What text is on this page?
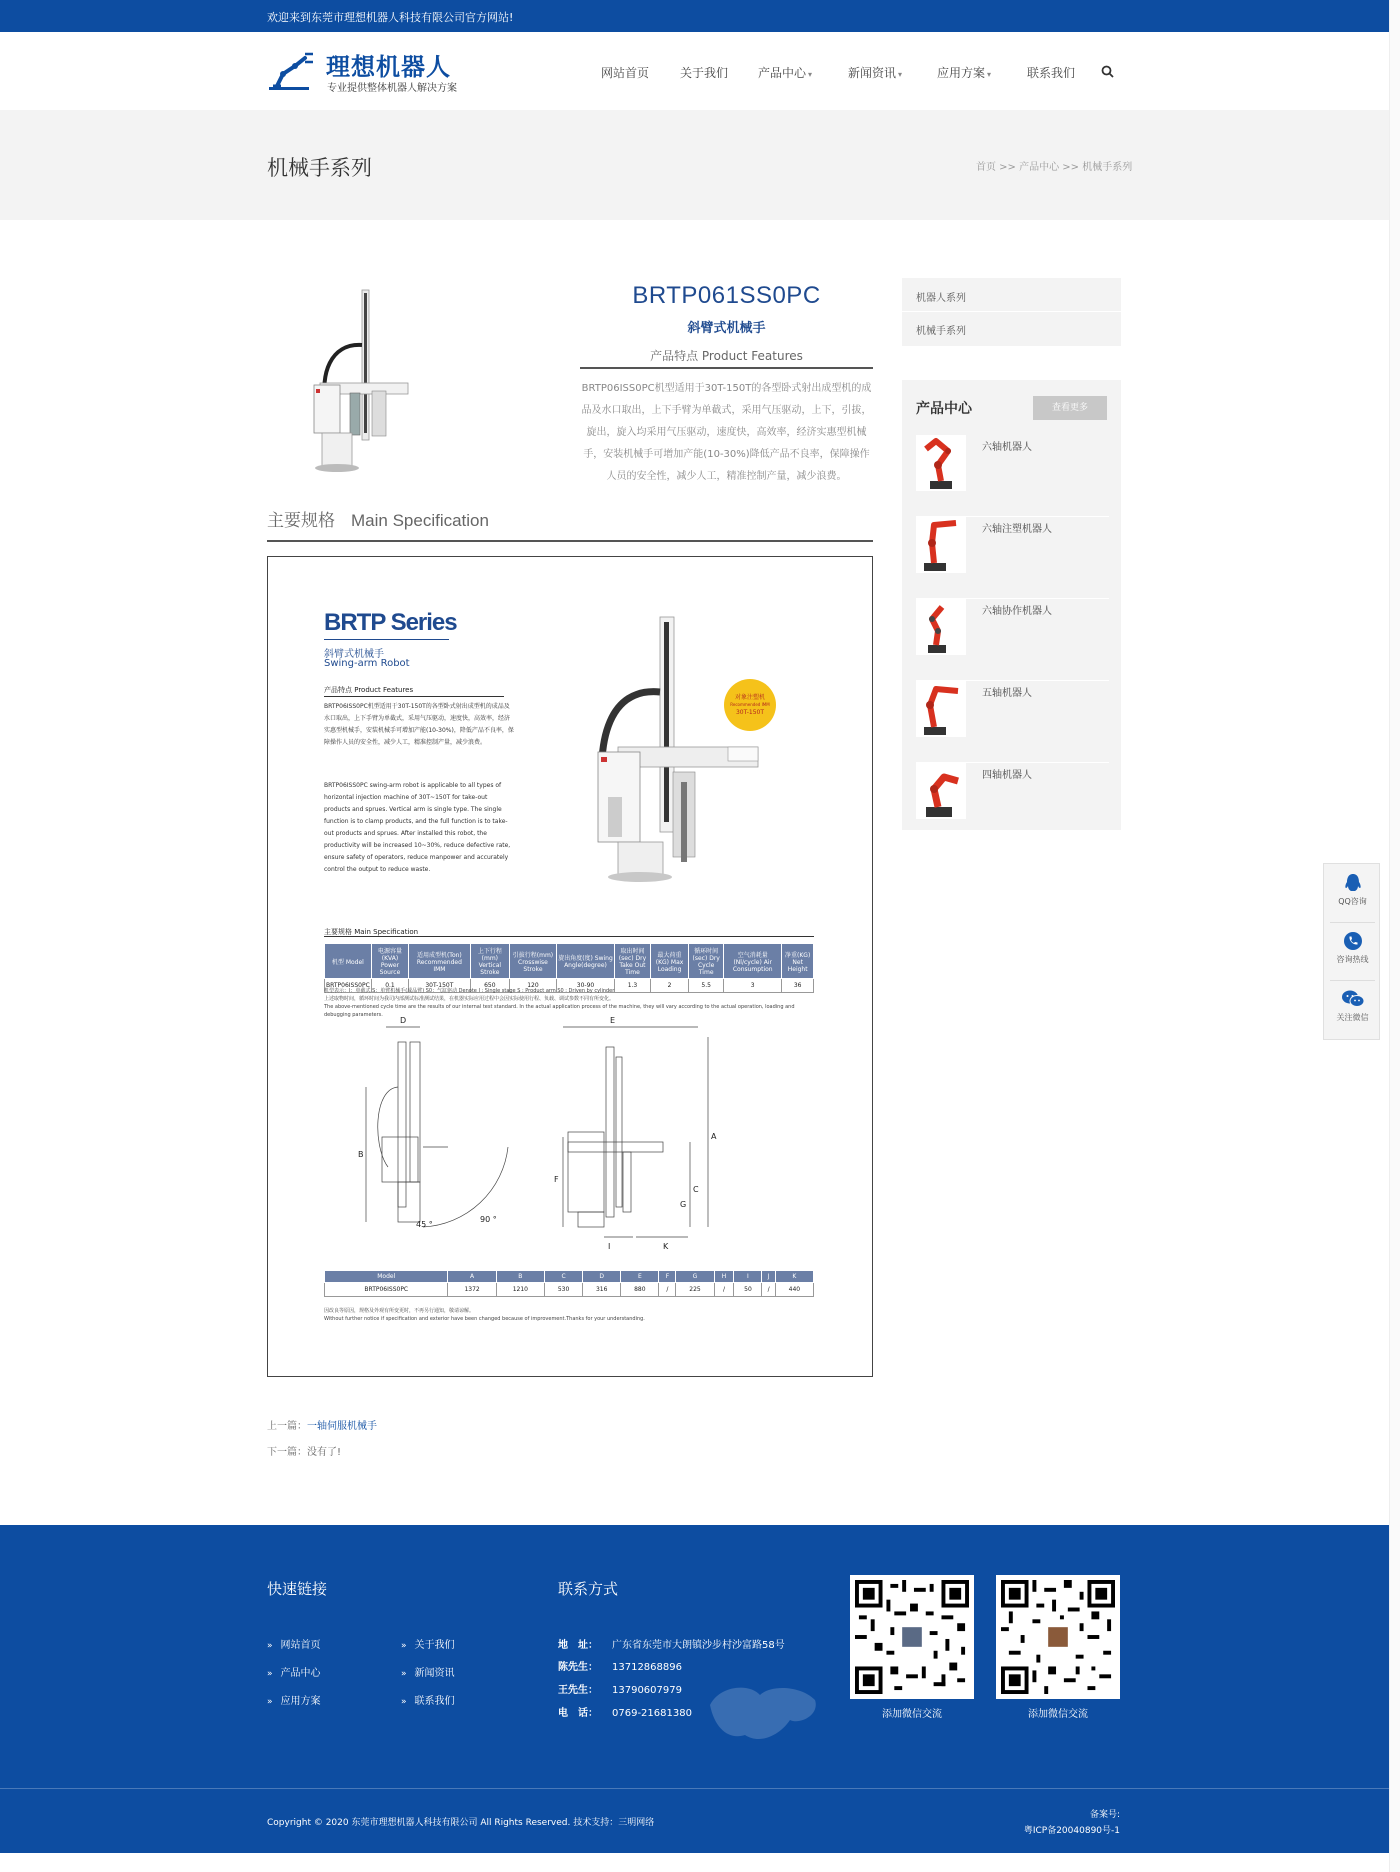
欢迎来到东莞市理想机器人科技有限公司官方网站!
理想机器人
专业提供整体机器人解决方案
网站首页	关于我们 产品中心 ▾	新闻资讯 ▾	应用方案 ▾	联系我们
机械手系列	首页 >> 产品中心 >> 机械手系列
BRTP061SS0PC
斜臂式机械手
产品特点 Product Features
BRTP06ISS0PC机型适用于30T-150T的各型卧式射出成型机的成品及水口取出，上下手臂为单截式，采用气压驱动，上下，引拔，旋出，旋入均采用气压驱动，速度快，高效率，经济实惠型机械手，安装机械手可增加产能(10-30%)降低产品不良率，保障操作人员的安全性，减少人工，精准控制产量，减少浪费。
主要规格 Main Specification
BRTP Series
斜臂式机械手
Swing-arm Robot
产品特点 Product Features
BRTP06ISS0PC机型适用于30T-150T的各型卧式射出成型机的成品及水口取出，上下手臂为单截式，采用气压驱动，速度快，高效率，经济实惠型机械手，安装机械手可增加产能(10-30%)，降低产品不良率，保障操作人员的安全性，减少人工，精准控制产量，减少浪费。
BRTP06ISS0PC swing-arm robot is applicable to all types of horizontal injection machine of 30T~150T for take-out products and sprues. Vertical arm is single type. The single function is to clamp products, and the full function is to take-out products and sprues. After installed this robot, the productivity will be increased 10~30%, reduce defective rate, ensure safety of operators, reduce manpower and accurately control the output to reduce waste.
对象注塑机
Recommended IMM
30T-150T
主要规格 Main Specification
机型 Model	电源容量(KVA) Power Source	适用成型机(Ton) Recommended IMM	上下行程(mm) Vertical Stroke	引拔行程(mm) Crosswise Stroke	旋出角度(度) Swing Angle(degree)	取出时间(sec) Dry Take Out Time	最大荷重(KG) Max Loading	循环时间(sec) Dry Cycle Time	空气消耗量(Nl/cycle) Air Consumption	净重(KG) Net Height
BRTP06ISS0PC	0.1	30T-150T	650	120	30-90	1.3	2	5.5	3	36
机型表示：I：单截式 S：单臂机械手(成品臂) S0：气缸驱动 Denote I : Single stage S : Product arm S0 : Driven by cylinder
上述取物时间，循环时间为我司内部测试标准测试结果，在机器实际应用过程中会因实际使用行程、负载、调试参数不同有所变化。
The above-mentioned cycle time are the results of our internal test standard. In the actual application process of the machine, they will vary according to the actual operation, loading and debugging parameters.
D	E
B
A
F
C
G
45 °
90 °
I	K
Model	A	B	C	D	E	F	G	H	I	J	K
BRTP06ISS0PC	1372	1210	530	316	880	/	225	/	50	/	440
因改良等原因，规格及外观有所变更时，不再另行通知，敬请谅解。
Without further notice if specification and exterior have been changed because of improvement.Thanks for your understanding.
上一篇：一轴伺服机械手
下一篇：没有了!
机器人系列
机械手系列
产品中心	查看更多
六轴机器人
六轴注塑机器人
六轴协作机器人
五轴机器人
四轴机器人
QQ咨询
咨询热线
关注微信
快速链接
» 网站首页	» 关于我们
» 产品中心	» 新闻资讯
» 应用方案	» 联系我们
联系方式
地　址： 广东省东莞市大朗镇沙步村沙富路58号
陈先生： 13712868896
王先生： 13790607979
电　话： 0769-21681380	添加微信交流	添加微信交流
Copyright © 2020 东莞市理想机器人科技有限公司 All Rights Reserved. 技术支持：三明网络
备案号:
粤ICP备20040890号-1
